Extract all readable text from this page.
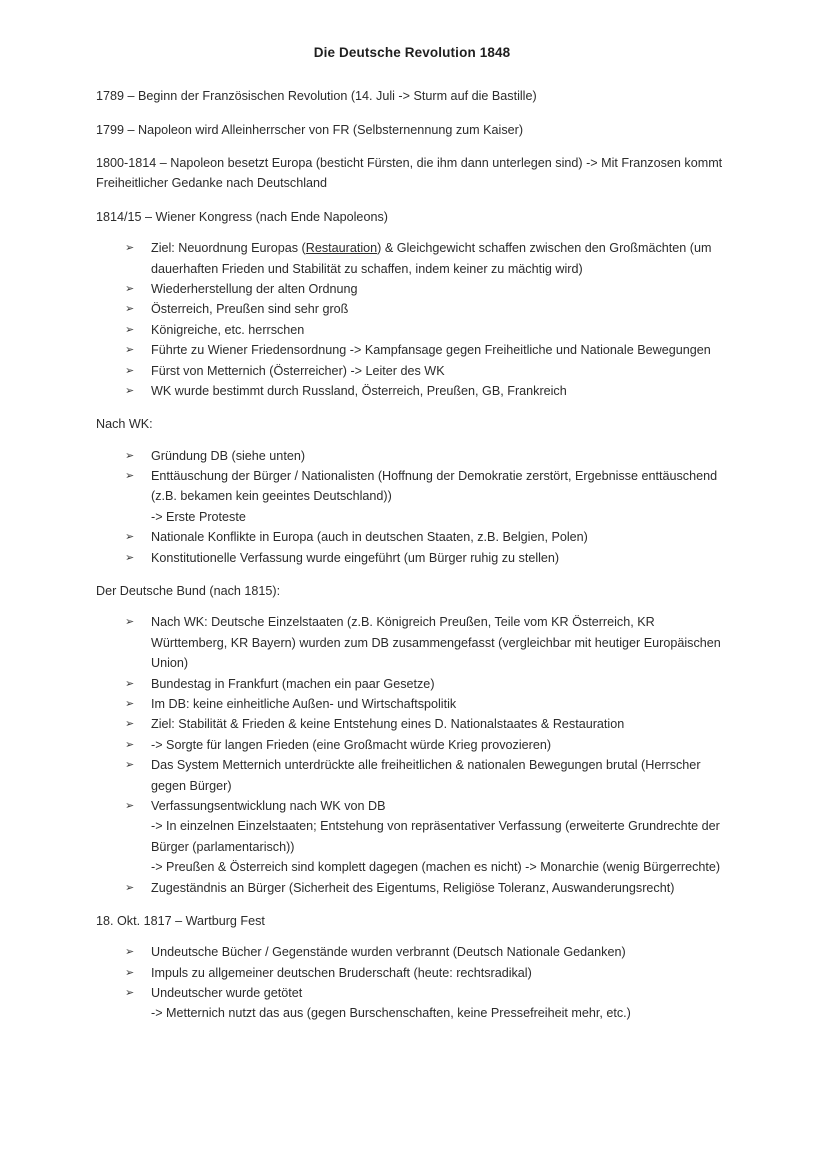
Die Deutsche Revolution 1848

1789 – Beginn der Französischen Revolution (14. Juli -> Sturm auf die Bastille)

1799 – Napoleon wird Alleinherrscher von FR (Selbsternennung zum Kaiser)

1800-1814 – Napoleon besetzt Europa (besticht Fürsten, die ihm dann unterlegen sind) -> Mit Franzosen kommt Freiheitlicher Gedanke nach Deutschland

1814/15 – Wiener Kongress (nach Ende Napoleons)

➢ Ziel: Neuordnung Europas (Restauration) & Gleichgewicht schaffen zwischen den Großmächten (um dauerhaften Frieden und Stabilität zu schaffen, indem keiner zu mächtig wird)
➢ Wiederherstellung der alten Ordnung
➢ Österreich, Preußen sind sehr groß
➢ Königreiche, etc. herrschen
➢ Führte zu Wiener Friedensordnung -> Kampfansage gegen Freiheitliche und Nationale Bewegungen
➢ Fürst von Metternich (Österreicher) -> Leiter des WK
➢ WK wurde bestimmt durch Russland, Österreich, Preußen, GB, Frankreich

Nach WK:

➢ Gründung DB (siehe unten)
➢ Enttäuschung der Bürger / Nationalisten (Hoffnung der Demokratie zerstört, Ergebnisse enttäuschend (z.B. bekamen kein geeintes Deutschland))
-> Erste Proteste
➢ Nationale Konflikte in Europa (auch in deutschen Staaten, z.B. Belgien, Polen)
➢ Konstitutionelle Verfassung wurde eingeführt (um Bürger ruhig zu stellen)

Der Deutsche Bund (nach 1815):

➢ Nach WK: Deutsche Einzelstaaten (z.B. Königreich Preußen, Teile vom KR Österreich, KR Württemberg, KR Bayern) wurden zum DB zusammengefasst (vergleichbar mit heutiger Europäischen Union)
➢ Bundestag in Frankfurt (machen ein paar Gesetze)
➢ Im DB: keine einheitliche Außen- und Wirtschaftspolitik
➢ Ziel: Stabilität & Frieden & keine Entstehung eines D. Nationalstaates & Restauration
➢ -> Sorgte für langen Frieden (eine Großmacht würde Krieg provozieren)
➢ Das System Metternich unterdrückte alle freiheitlichen & nationalen Bewegungen brutal (Herrscher gegen Bürger)
➢ Verfassungsentwicklung nach WK von DB
-> In einzelnen Einzelstaaten; Entstehung von repräsentativer Verfassung (erweiterte Grundrechte der Bürger (parlamentarisch))
-> Preußen & Österreich sind komplett dagegen (machen es nicht) -> Monarchie (wenig Bürgerrechte)
➢ Zugeständnis an Bürger (Sicherheit des Eigentums, Religiöse Toleranz, Auswanderungsrecht)

18. Okt. 1817 – Wartburg Fest

➢ Undeutsche Bücher / Gegenstände wurden verbrannt (Deutsch Nationale Gedanken)
➢ Impuls zu allgemeiner deutschen Bruderschaft (heute: rechtsradikal)
➢ Undeutscher wurde getötet
-> Metternich nutzt das aus (gegen Burschenschaften, keine Pressefreiheit mehr, etc.)
